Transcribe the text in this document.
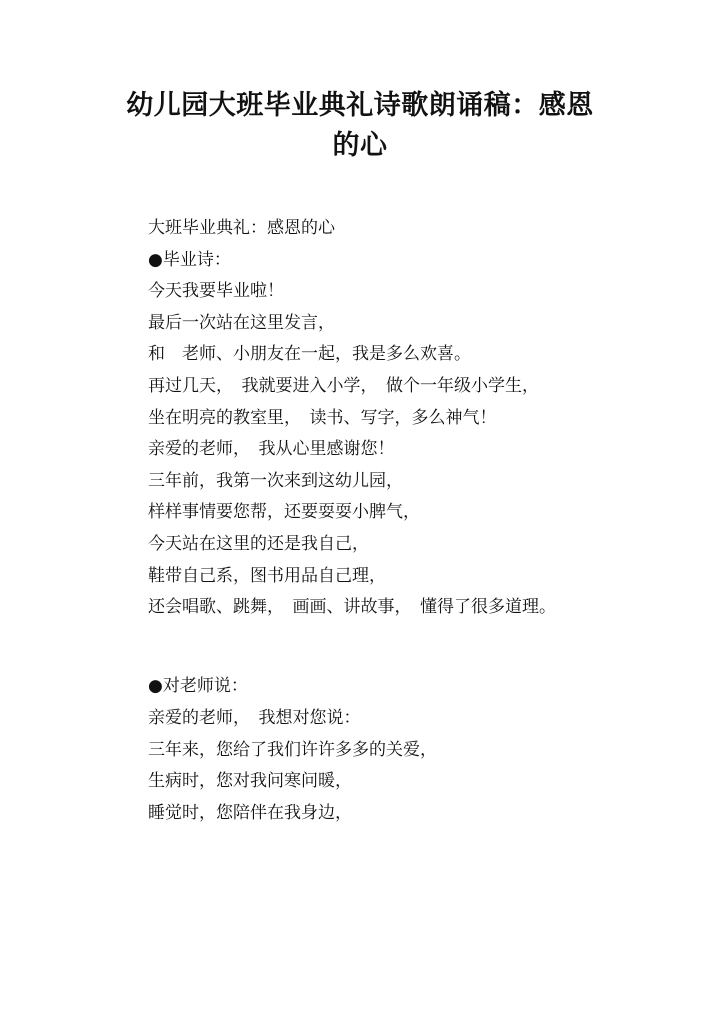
幼儿园大班毕业典礼诗歌朗诵稿：感恩
的心
大班毕业典礼：感恩的心
●毕业诗：
今天我要毕业啦！
最后一次站在这里发言，
和　老师、小朋友在一起，我是多么欢喜。
再过几天，　我就要进入小学，　做个一年级小学生，
坐在明亮的教室里，　读书、写字，多么神气！
亲爱的老师，　我从心里感谢您！
三年前，我第一次来到这幼儿园，
样样事情要您帮，还要耍耍小脾气，
今天站在这里的还是我自己，
鞋带自己系，图书用品自己理，
还会唱歌、跳舞，　画画、讲故事，　懂得了很多道理。
●对老师说：
亲爱的老师，　我想对您说：
三年来，您给了我们许许多多的关爱，
生病时，您对我问寒问暖，
睡觉时，您陪伴在我身边，
